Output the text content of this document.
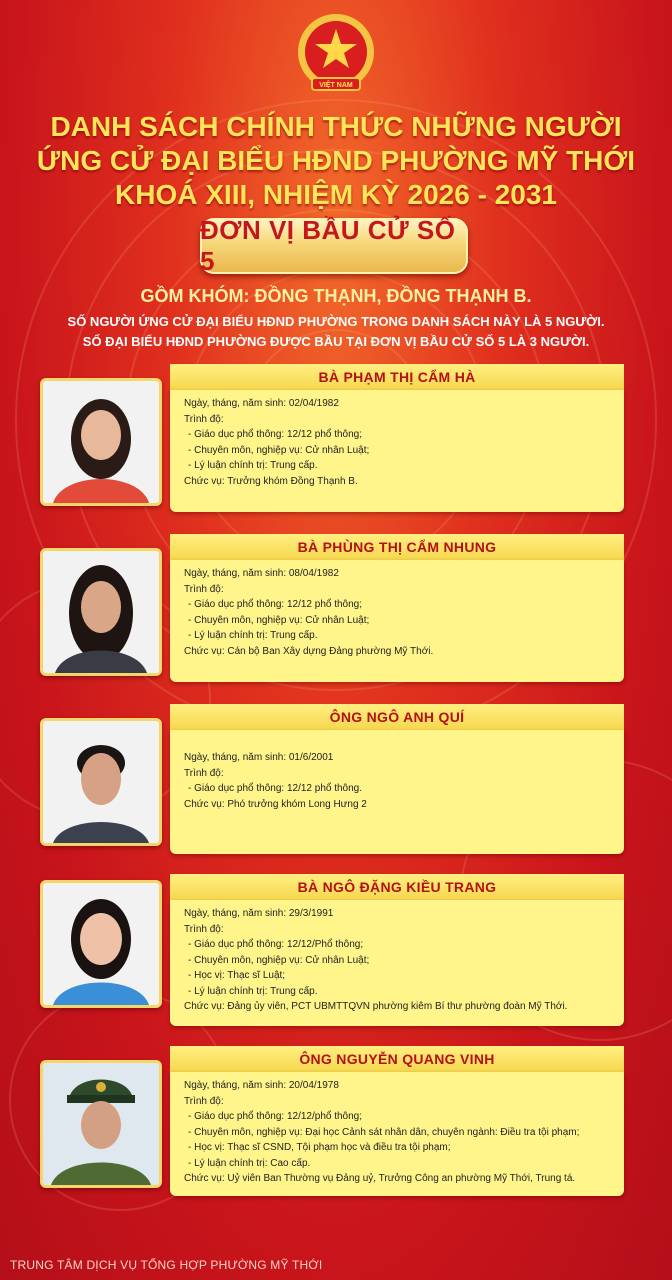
VIỆT NAM
DANH SÁCH CHÍNH THỨC NHỮNG NGƯỜI
ỨNG CỬ ĐẠI BIỂU HĐND PHƯỜNG MỸ THỚI
KHOÁ XIII, NHIỆM KỲ 2026 - 2031
ĐƠN VỊ BẦU CỬ SỐ 5
GỒM KHÓM: ĐỒNG THẠNH, ĐỒNG THẠNH B.
SỐ NGƯỜI ỨNG CỬ ĐẠI BIỂU HĐND PHƯỜNG TRONG DANH SÁCH NÀY LÀ 5 NGƯỜI.
SỐ ĐẠI BIỂU HĐND PHƯỜNG ĐƯỢC BẦU TẠI ĐƠN VỊ BẦU CỬ SỐ 5 LÀ 3 NGƯỜI.
BÀ PHẠM THỊ CẨM HÀ
Ngày, tháng, năm sinh: 02/04/1982
Trình độ:
- Giáo dục phổ thông: 12/12 phổ thông;
- Chuyên môn, nghiệp vụ: Cử nhân Luật;
- Lý luận chính trị: Trung cấp.
Chức vụ: Trưởng khóm Đồng Thạnh B.
BÀ PHÙNG THỊ CẨM NHUNG
Ngày, tháng, năm sinh: 08/04/1982
Trình độ:
- Giáo dục phổ thông: 12/12 phổ thông;
- Chuyên môn, nghiệp vụ: Cử nhân Luật;
- Lý luận chính trị: Trung cấp.
Chức vụ: Cán bộ Ban Xây dựng Đảng phường Mỹ Thới.
ÔNG NGÔ ANH QUÍ
Ngày, tháng, năm sinh: 01/6/2001
Trình độ:
- Giáo dục phổ thông: 12/12 phổ thông.
Chức vụ: Phó trưởng khóm Long Hưng 2
BÀ NGÔ ĐẶNG KIỀU TRANG
Ngày, tháng, năm sinh: 29/3/1991
Trình độ:
- Giáo dục phổ thông: 12/12/Phổ thông;
- Chuyên môn, nghiệp vụ: Cử nhân Luật;
- Học vị: Thạc sĩ Luật;
- Lý luận chính trị: Trung cấp.
Chức vụ: Đảng ủy viên, PCT UBMTTQVN phường kiêm Bí thư phường đoàn Mỹ Thới.
ÔNG NGUYỄN QUANG VINH
Ngày, tháng, năm sinh: 20/04/1978
Trình độ:
- Giáo dục phổ thông: 12/12/phổ thông;
- Chuyên môn, nghiệp vụ: Đại học Cảnh sát nhân dân, chuyên ngành: Điều tra tội phạm;
- Học vị: Thạc sĩ CSND, Tội phạm học và điều tra tội phạm;
- Lý luận chính trị: Cao cấp.
Chức vụ: Uỷ viên Ban Thường vụ Đảng uỷ, Trưởng Công an phường Mỹ Thới, Trung tá.
TRUNG TÂM DỊCH VỤ TỔNG HỢP PHƯỜNG MỸ THỚI
